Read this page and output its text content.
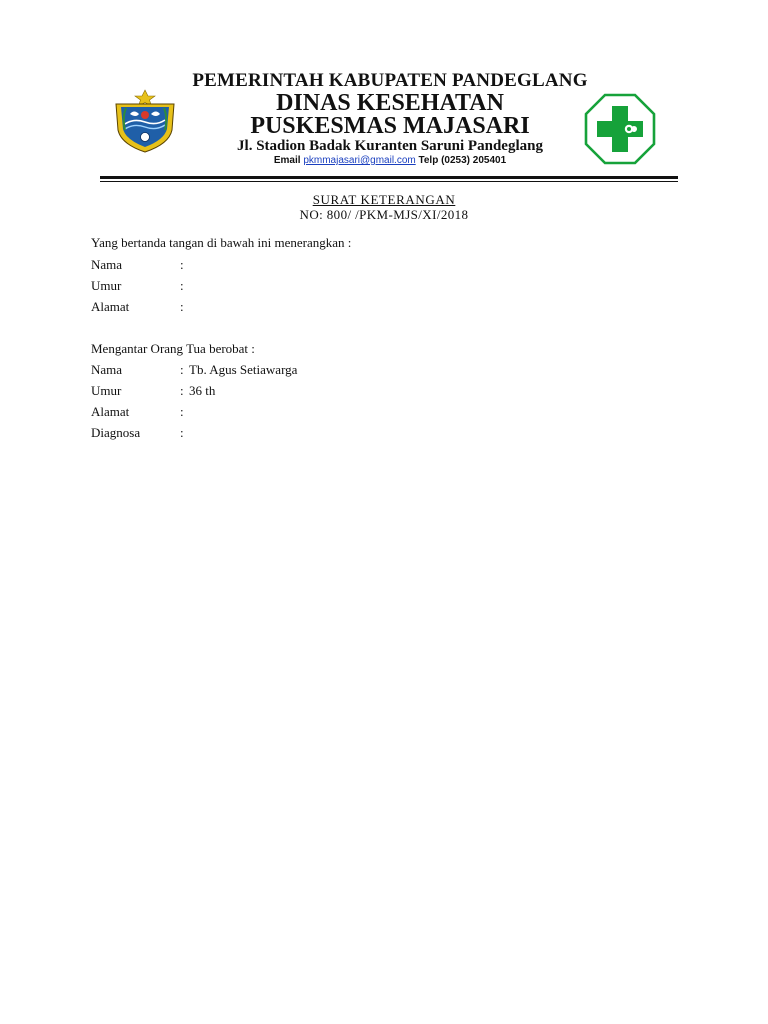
PEMERINTAH KABUPATEN PANDEGLANG
DINAS KESEHATAN
PUSKESMAS MAJASARI
Jl. Stadion Badak Kuranten Saruni Pandeglang
Email pkmmajasari@gmail.com Telp (0253) 205401
SURAT KETERANGAN
NO: 800/ /PKM-MJS/XI/2018
Yang bertanda tangan di bawah ini menerangkan :
Nama	:
Umur	:
Alamat	:
Mengantar Orang Tua berobat :
Nama	: Tb. Agus Setiawarga
Umur	: 36 th
Alamat	:
Diagnosa	:
